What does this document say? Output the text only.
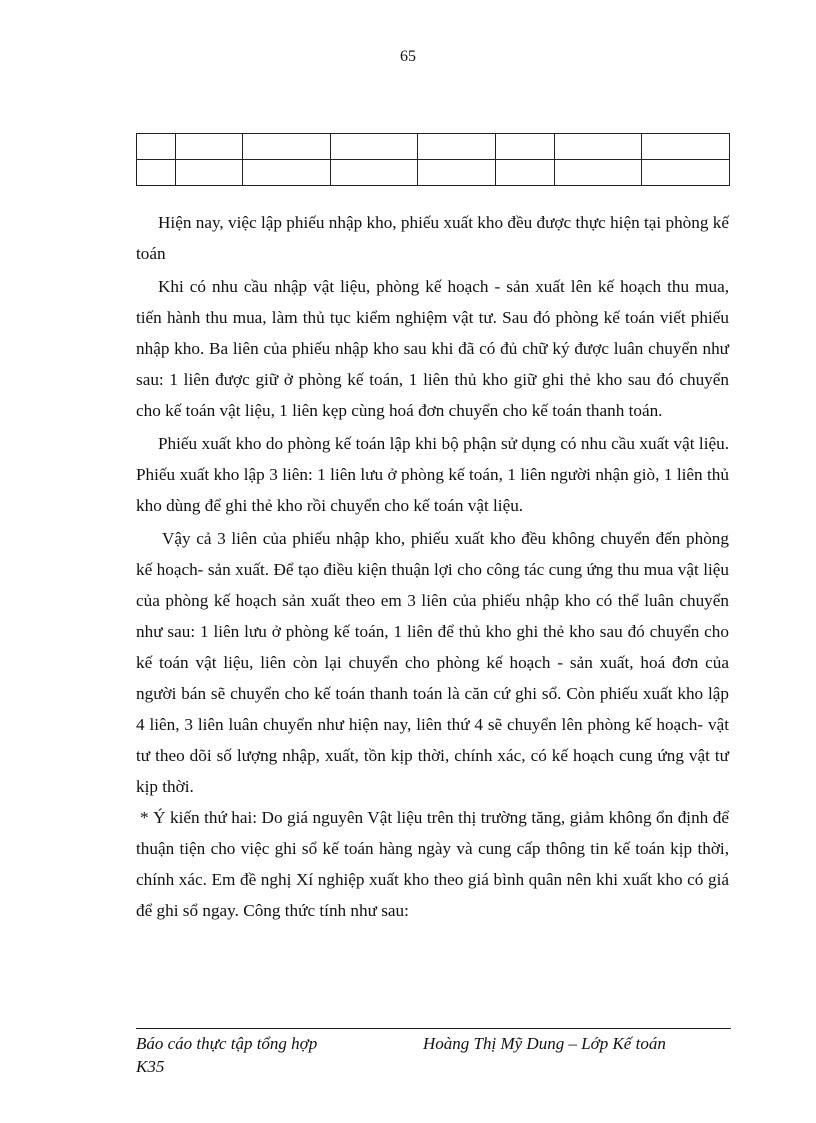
65

Hiện nay, việc lập phiếu nhập kho, phiếu xuất kho đều được thực hiện tại phòng kế toán

Khi có nhu cầu nhập vật liệu, phòng kế hoạch - sản xuất lên kế hoạch thu mua, tiến hành thu mua, làm thủ tục kiểm nghiệm vật tư. Sau đó phòng kế toán viết phiếu nhập kho. Ba liên của phiếu nhập kho sau khi đã có đủ chữ ký được luân chuyển như sau: 1 liên được giữ ở phòng kế toán, 1 liên thủ kho giữ ghi thẻ kho sau đó chuyển cho kế toán vật liệu, 1 liên kẹp cùng hoá đơn chuyển cho kế toán thanh toán.

Phiếu xuất kho do phòng kế toán lập khi bộ phận sử dụng có nhu cầu xuất vật liệu. Phiếu xuất kho lập 3 liên: 1 liên lưu ở phòng kế toán, 1 liên người nhận giò, 1 liên thủ kho dùng để ghi thẻ kho rồi chuyển cho kế toán vật liệu.

Vậy cả 3 liên của phiếu nhập kho, phiếu xuất kho đều không chuyển đến phòng kế hoạch- sản xuất. Để tạo điều kiện thuận lợi cho công tác cung ứng thu mua vật liệu của phòng kế hoạch sản xuất theo em 3 liên của phiếu nhập kho có thể luân chuyển như sau: 1 liên lưu ở phòng kế toán, 1 liên để thủ kho ghi thẻ kho sau đó chuyển cho kế toán vật liệu, liên còn lại chuyển cho phòng kế hoạch - sản xuất, hoá đơn của người bán sẽ chuyển cho kế toán thanh toán là căn cứ ghi sổ. Còn phiếu xuất kho lập 4 liên, 3 liên luân chuyển như hiện nay, liên thứ 4 sẽ chuyển lên phòng kế hoạch- vật tư theo dõi số lượng nhập, xuất, tồn kịp thời, chính xác, có kế hoạch cung ứng vật tư kịp thời.

* Ý kiến thứ hai: Do giá nguyên Vật liệu trên thị trường tăng, giảm không ổn định để thuận tiện cho việc ghi sổ kế toán hàng ngày và cung cấp thông tin kế toán kịp thời, chính xác. Em đề nghị Xí nghiệp xuất kho theo giá bình quân nên khi xuất kho có giá để ghi sổ ngay. Công thức tính như sau:

Báo cáo thực tập tổng hợp	Hoàng Thị Mỹ Dung – Lớp Kế toán
K35
